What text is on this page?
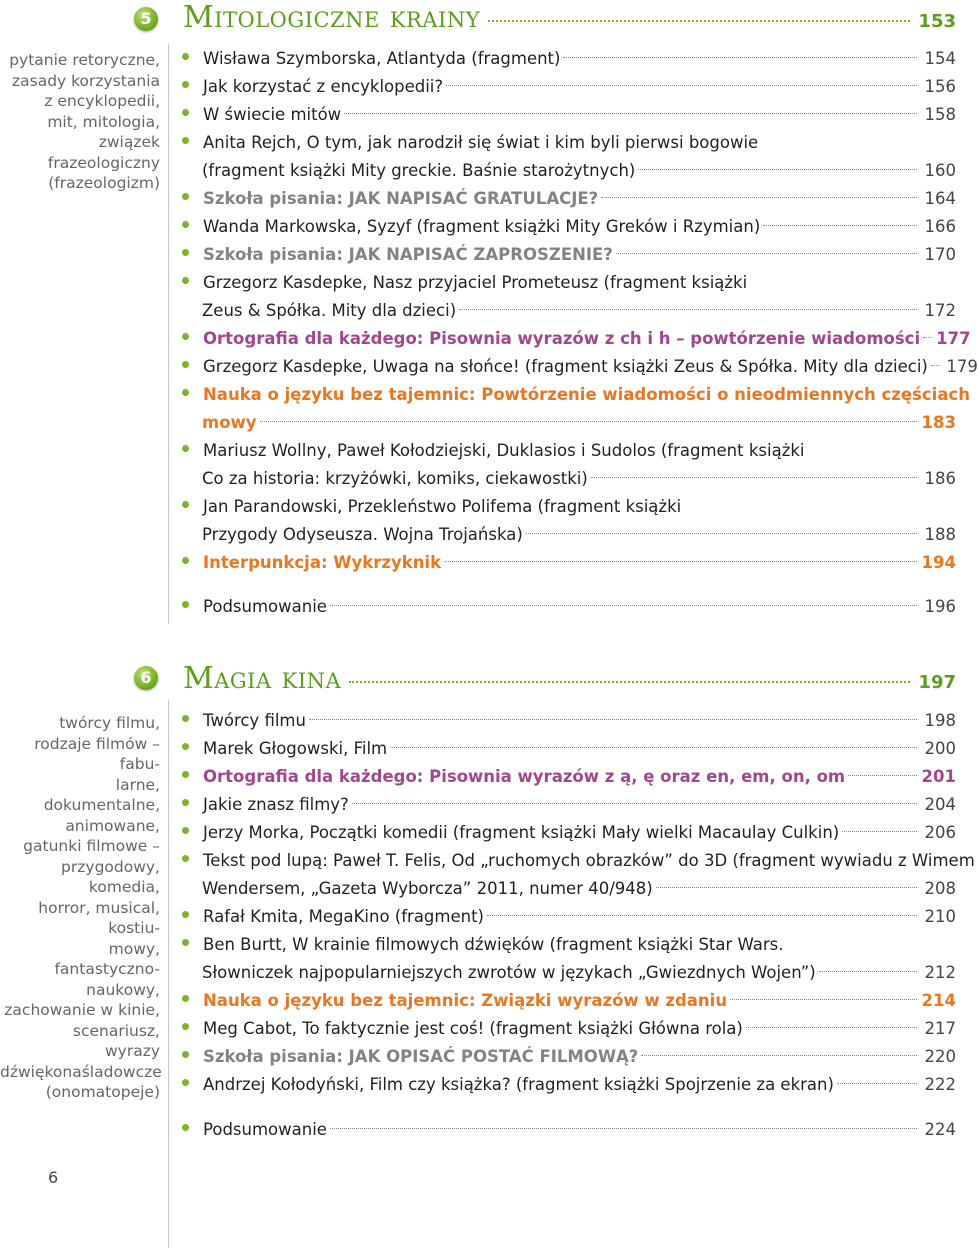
5 Mitologiczne krainy	153
pytanie retoryczne,
zasady korzystania
z encyklopedii,
mit, mitologia,
związek frazeologiczny
(frazeologizm)
Wisława Szymborska, Atlantyda (fragment)	154
Jak korzystać z encyklopedii?	156
W świecie mitów	158
Anita Rejch, O tym, jak narodził się świat i kim byli pierwsi bogowie
(fragment książki Mity greckie. Baśnie starożytnych)	160
Szkoła pisania: JAK NAPISAĆ GRATULACJE?	164
Wanda Markowska, Syzyf (fragment książki Mity Greków i Rzymian)	166
Szkoła pisania: JAK NAPISAĆ ZAPROSZENIE?	170
Grzegorz Kasdepke, Nasz przyjaciel Prometeusz (fragment książki
Zeus & Spółka. Mity dla dzieci)	172
Ortografia dla każdego: Pisownia wyrazów z ch i h – powtórzenie wiadomości 177
Grzegorz Kasdepke, Uwaga na słońce! (fragment książki Zeus & Spółka. Mity dla dzieci) 179
Nauka o języku bez tajemnic: Powtórzenie wiadomości o nieodmiennych częściach
mowy	183
Mariusz Wollny, Paweł Kołodziejski, Duklasios i Sudolos (fragment książki
Co za historia: krzyżówki, komiks, ciekawostki)	186
Jan Parandowski, Przekleństwo Polifema (fragment książki
Przygody Odyseusza. Wojna Trojańska)	188
Interpunkcja: Wykrzyknik	194
Podsumowanie	196
6 Magia kina	197
twórcy filmu,
rodzaje filmów – fabu-
larne, dokumentalne,
animowane,
gatunki filmowe –
przygodowy, komedia,
horror, musical, kostiu-
mowy, fantastyczno-
naukowy,
zachowanie w kinie,
scenariusz,
wyrazy
dźwiękonaśladowcze
(onomatopeje)
Twórcy filmu	198
Marek Głogowski, Film	200
Ortografia dla każdego: Pisownia wyrazów z ą, ę oraz en, em, on, om	201
Jakie znasz filmy?	204
Jerzy Morka, Początki komedii (fragment książki Mały wielki Macaulay Culkin)	206
Tekst pod lupą: Paweł T. Felis, Od „ruchomych obrazków” do 3D (fragment wywiadu z Wimem
Wendersem, „Gazeta Wyborcza” 2011, numer 40/948)	208
Rafał Kmita, MegaKino (fragment)	210
Ben Burtt, W krainie filmowych dźwięków (fragment książki Star Wars.
Słowniczek najpopularniejszych zwrotów w językach „Gwiezdnych Wojen”)	212
Nauka o języku bez tajemnic: Związki wyrazów w zdaniu	214
Meg Cabot, To faktycznie jest coś! (fragment książki Główna rola)	217
Szkoła pisania: JAK OPISAĆ POSTAĆ FILMOWĄ?	220
Andrzej Kołodyński, Film czy książka? (fragment książki Spojrzenie za ekran)	222
Podsumowanie	224
6
